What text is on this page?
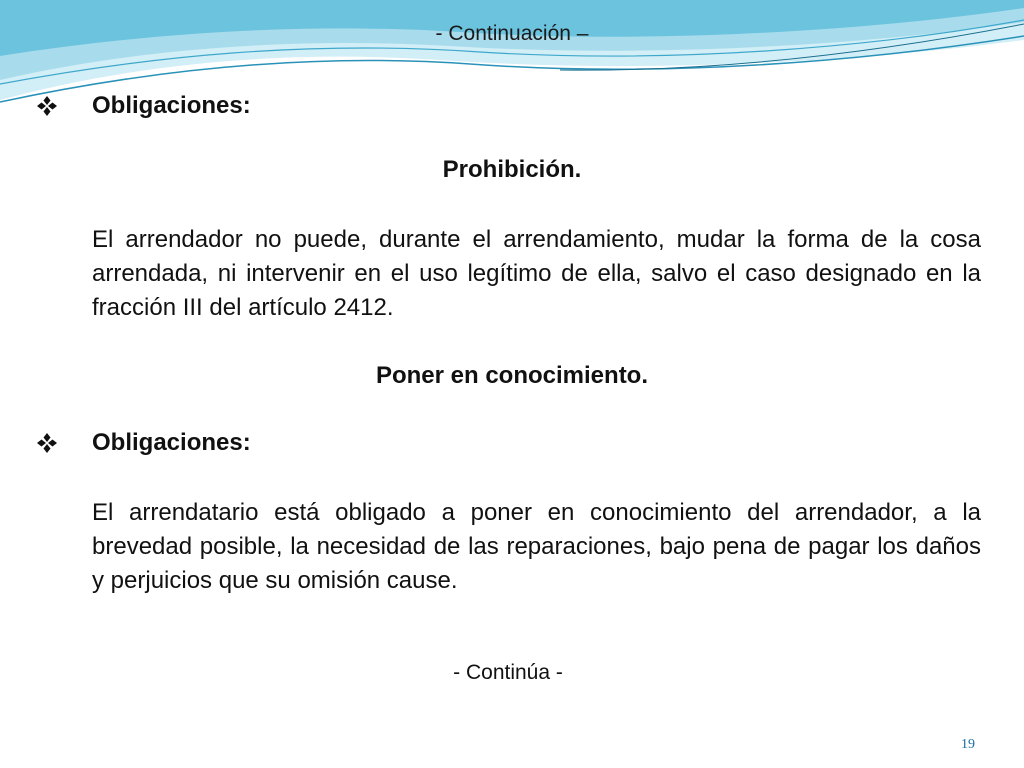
- Continuación –
Obligaciones:
Prohibición.
El arrendador no puede, durante el arrendamiento, mudar la forma de la cosa arrendada, ni intervenir en el uso legítimo de ella, salvo el caso designado en la fracción III del artículo 2412.
Poner en conocimiento.
Obligaciones:
El arrendatario está obligado a poner en conocimiento del arrendador, a la brevedad posible, la necesidad de las reparaciones, bajo pena de pagar los daños y perjuicios que su omisión cause.
- Continúa -
19
